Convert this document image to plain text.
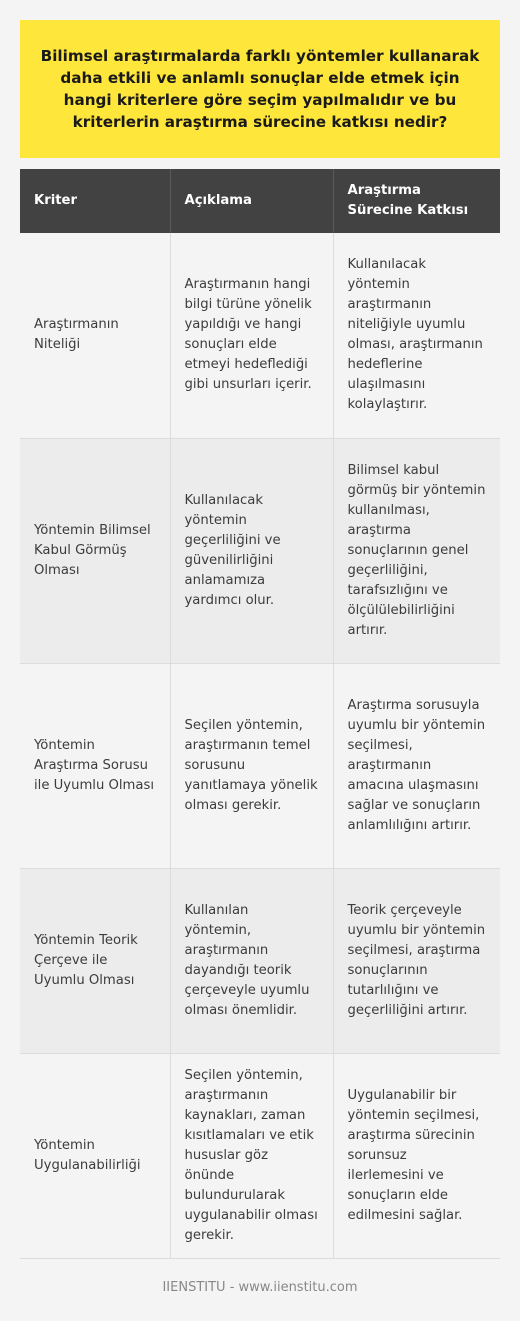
Bilimsel araştırmalarda farklı yöntemler kullanarak daha etkili ve anlamlı sonuçlar elde etmek için hangi kriterlere göre seçim yapılmalıdır ve bu kriterlerin araştırma sürecine katkısı nedir?

Kriter	Açıklama	Araştırma Sürecine Katkısı
Araştırmanın Niteliği	Araştırmanın hangi bilgi türüne yönelik yapıldığı ve hangi sonuçları elde etmeyi hedeflediği gibi unsurları içerir.	Kullanılacak yöntemin araştırmanın niteliğiyle uyumlu olması, araştırmanın hedeflerine ulaşılmasını kolaylaştırır.
Yöntemin Bilimsel Kabul Görmüş Olması	Kullanılacak yöntemin geçerliliğini ve güvenilirliğini anlamamıza yardımcı olur.	Bilimsel kabul görmüş bir yöntemin kullanılması, araştırma sonuçlarının genel geçerliliğini, tarafsızlığını ve ölçülülebilirliğini artırır.
Yöntemin Araştırma Sorusu ile Uyumlu Olması	Seçilen yöntemin, araştırmanın temel sorusunu yanıtlamaya yönelik olması gerekir.	Araştırma sorusuyla uyumlu bir yöntemin seçilmesi, araştırmanın amacına ulaşmasını sağlar ve sonuçların anlamlılığını artırır.
Yöntemin Teorik Çerçeve ile Uyumlu Olması	Kullanılan yöntemin, araştırmanın dayandığı teorik çerçeveyle uyumlu olması önemlidir.	Teorik çerçeveyle uyumlu bir yöntemin seçilmesi, araştırma sonuçlarının tutarlılığını ve geçerliliğini artırır.
Yöntemin Uygulanabilirliği	Seçilen yöntemin, araştırmanın kaynakları, zaman kısıtlamaları ve etik hususlar göz önünde bulundurularak uygulanabilir olması gerekir.	Uygulanabilir bir yöntemin seçilmesi, araştırma sürecinin sorunsuz ilerlemesini ve sonuçların elde edilmesini sağlar.
IIENSTITU - www.iienstitu.com
